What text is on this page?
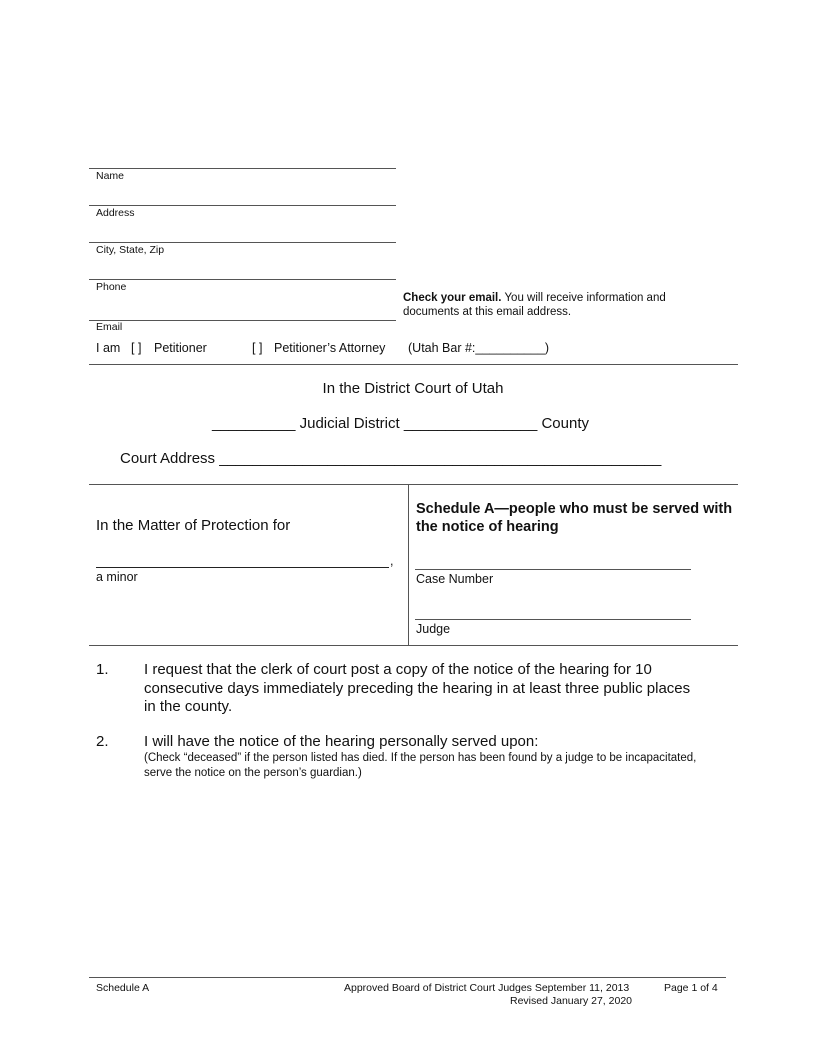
Name
Address
City, State, Zip
Phone
Email
Check your email. You will receive information and documents at this email address.
I am [ ] Petitioner	[ ] Petitioner’s Attorney (Utah Bar #:__________)
In the District Court of Utah
__________ Judicial District ________________ County
Court Address _____________________________________________________
In the Matter of Protection for
,
a minor
Schedule A—people who must be served with the notice of hearing
Case Number
Judge
1. I request that the clerk of court post a copy of the notice of the hearing for 10 consecutive days immediately preceding the hearing in at least three public places in the county.
2. I will have the notice of the hearing personally served upon:
(Check “deceased” if the person listed has died. If the person has been found by a judge to be incapacitated, serve the notice on the person’s guardian.)
Schedule A	Approved Board of District Court Judges September 11, 2013	Page 1 of 4
Revised January 27, 2020
